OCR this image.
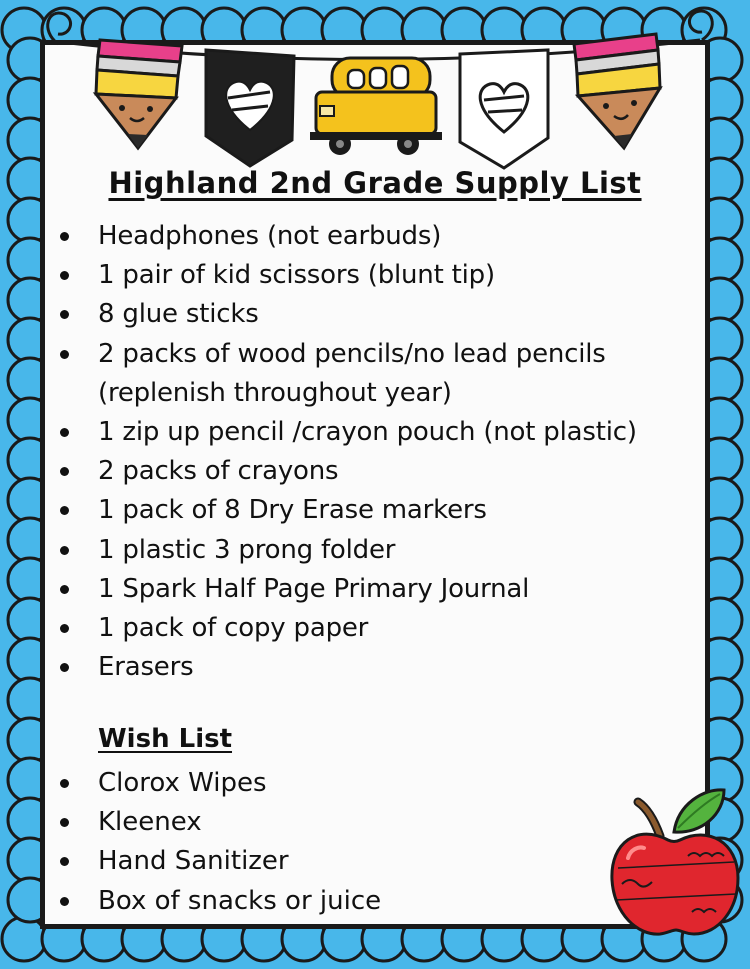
Highland 2nd Grade Supply List
Headphones (not earbuds)
1 pair of kid scissors (blunt tip)
8 glue sticks
2 packs of wood pencils/no lead pencils (replenish throughout year)
1 zip up pencil /crayon pouch (not plastic)
2 packs of crayons
1 pack of 8 Dry Erase markers
1 plastic 3 prong folder
1 Spark Half Page Primary Journal
1 pack of copy paper
Erasers
Wish List
Clorox Wipes
Kleenex
Hand Sanitizer
Box of snacks or juice
